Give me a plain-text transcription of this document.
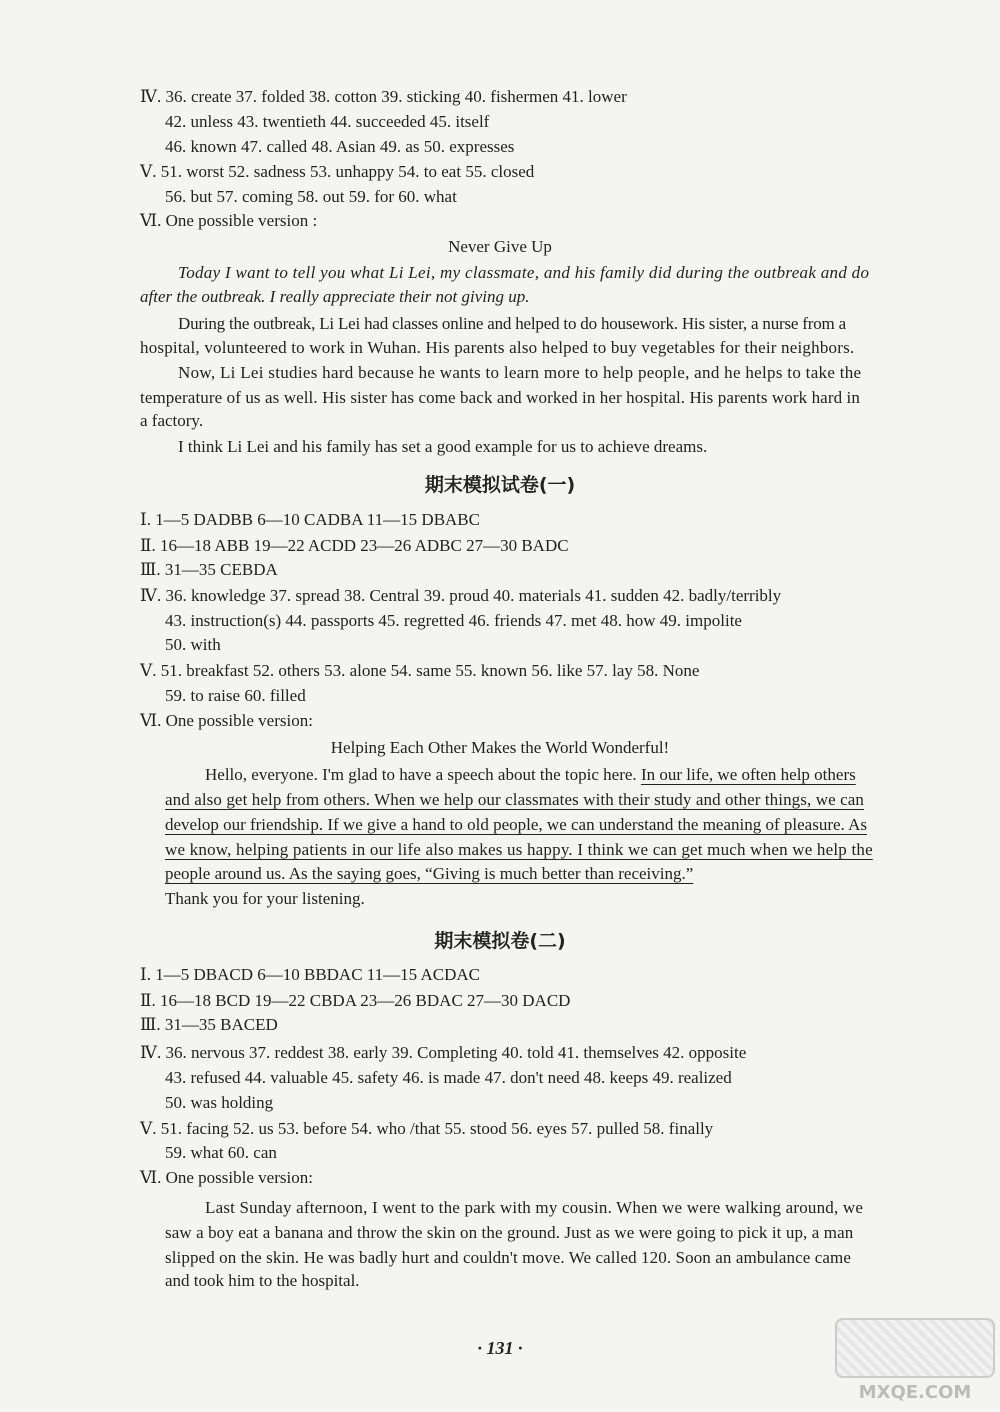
Ⅳ. 36. create 37. folded 38. cotton 39. sticking 40. fishermen 41. lower
42. unless 43. twentieth 44. succeeded 45. itself
46. known 47. called 48. Asian 49. as 50. expresses
Ⅴ. 51. worst 52. sadness 53. unhappy 54. to eat 55. closed
56. but 57. coming 58. out 59. for 60. what
Ⅵ. One possible version :
Never Give Up
Today I want to tell you what Li Lei, my classmate, and his family did during the outbreak and do
after the outbreak. I really appreciate their not giving up.
During the outbreak, Li Lei had classes online and helped to do housework. His sister, a nurse from a
hospital, volunteered to work in Wuhan. His parents also helped to buy vegetables for their neighbors.
Now, Li Lei studies hard because he wants to learn more to help people, and he helps to take the
temperature of us as well. His sister has come back and worked in her hospital. His parents work hard in
a factory.
I think Li Lei and his family has set a good example for us to achieve dreams.
期末模拟试卷(一)
Ⅰ. 1—5 DADBB 6—10 CADBA 11—15 DBABC
Ⅱ. 16—18 ABB 19—22 ACDD 23—26 ADBC 27—30 BADC
Ⅲ. 31—35 CEBDA
Ⅳ. 36. knowledge 37. spread 38. Central 39. proud 40. materials 41. sudden 42. badly/terribly
43. instruction(s) 44. passports 45. regretted 46. friends 47. met 48. how 49. impolite
50. with
Ⅴ. 51. breakfast 52. others 53. alone 54. same 55. known 56. like 57. lay 58. None
59. to raise 60. filled
Ⅵ. One possible version:
Helping Each Other Makes the World Wonderful!
Hello, everyone. I'm glad to have a speech about the topic here. In our life, we often help others
and also get help from others. When we help our classmates with their study and other things, we can
develop our friendship. If we give a hand to old people, we can understand the meaning of pleasure. As
we know, helping patients in our life also makes us happy. I think we can get much when we help the
people around us. As the saying goes, “Giving is much better than receiving.”
Thank you for your listening.
期末模拟卷(二)
Ⅰ. 1—5 DBACD 6—10 BBDAC 11—15 ACDAC
Ⅱ. 16—18 BCD 19—22 CBDA 23—26 BDAC 27—30 DACD
Ⅲ. 31—35 BACED
Ⅳ. 36. nervous 37. reddest 38. early 39. Completing 40. told 41. themselves 42. opposite
43. refused 44. valuable 45. safety 46. is made 47. don't need 48. keeps 49. realized
50. was holding
Ⅴ. 51. facing 52. us 53. before 54. who /that 55. stood 56. eyes 57. pulled 58. finally
59. what 60. can
Ⅵ. One possible version:
Last Sunday afternoon, I went to the park with my cousin. When we were walking around, we
saw a boy eat a banana and throw the skin on the ground. Just as we were going to pick it up, a man
slipped on the skin. He was badly hurt and couldn't move. We called 120. Soon an ambulance came
and took him to the hospital.
· 131 ·
MXQE.COM
